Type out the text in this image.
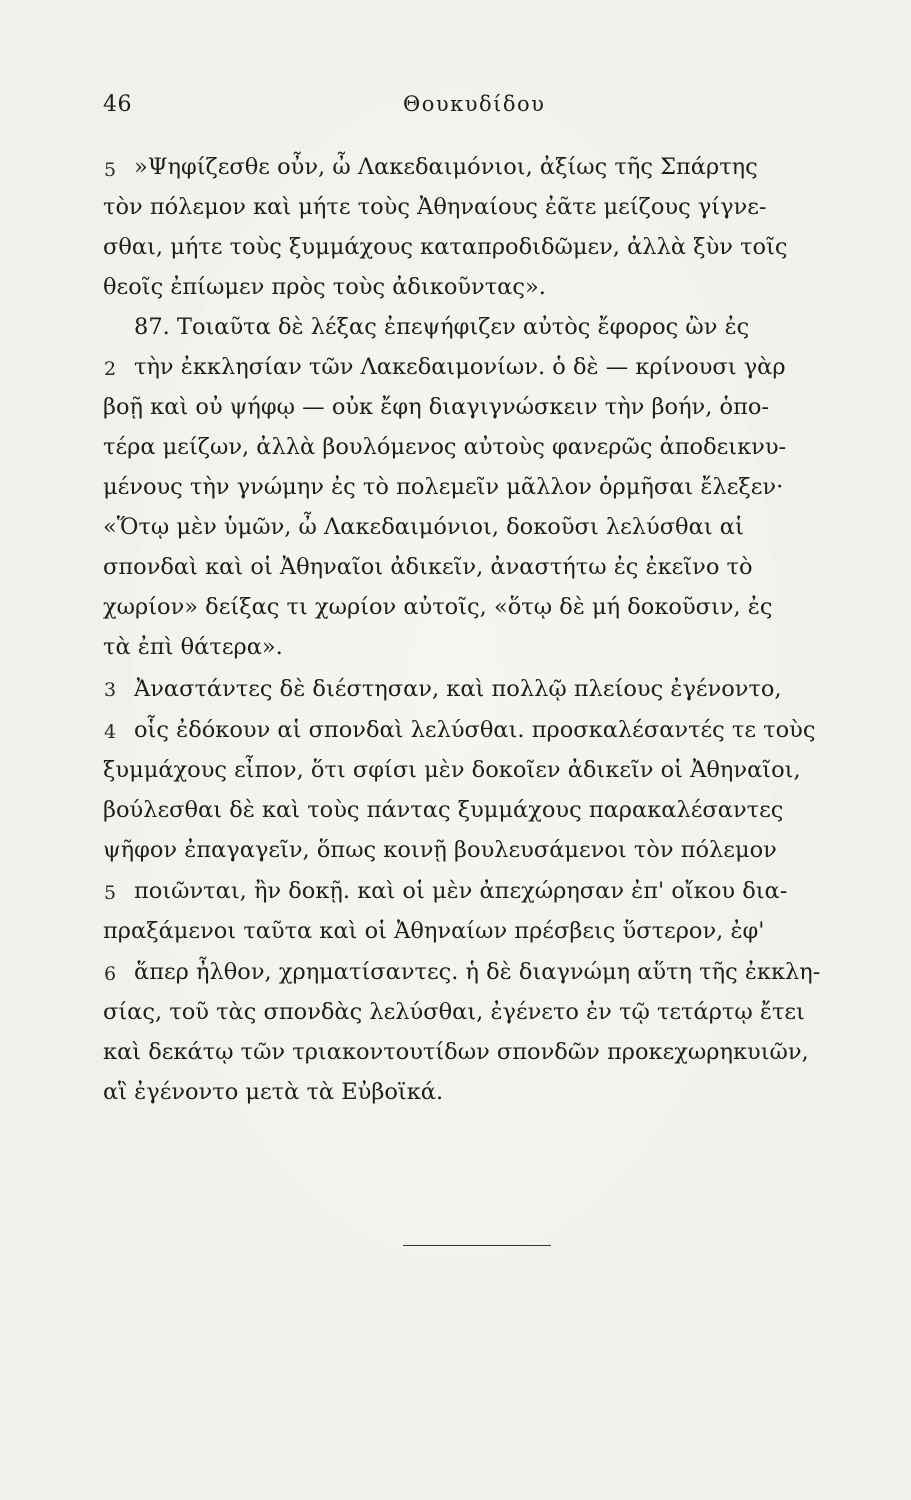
46	Θουκυδίδου
5
2
3
4
5
6
»Ψηφίζεσθε οὖν, ὦ Λακεδαιμόνιοι, ἀξίως τῆς Σπάρτης
τὸν πόλεμον καὶ μήτε τοὺς Ἀθηναίους ἐᾶτε μείζους γίγνε-
σθαι, μήτε τοὺς ξυμμάχους καταπροδιδῶμεν, ἀλλὰ ξὺν τοῖς
θεοῖς ἐπίωμεν πρὸς τοὺς ἀδικοῦντας».
87. Τοιαῦτα δὲ λέξας ἐπεψήφιζεν αὐτὸς ἔφορος ὢν ἐς
τὴν ἐκκλησίαν τῶν Λακεδαιμονίων. ὁ δὲ — κρίνουσι γὰρ
βοῇ καὶ οὐ ψήφῳ — οὐκ ἔφη διαγιγνώσκειν τὴν βοήν, ὁπο-
τέρα μείζων, ἀλλὰ βουλόμενος αὐτοὺς φανερῶς ἀποδεικνυ-
μένους τὴν γνώμην ἐς τὸ πολεμεῖν μᾶλλον ὁρμῆσαι ἔλεξεν·
«Ὅτῳ μὲν ὑμῶν, ὦ Λακεδαιμόνιοι, δοκοῦσι λελύσθαι αἱ
σπονδαὶ καὶ οἱ Ἀθηναῖοι ἀδικεῖν, ἀναστήτω ἐς ἐκεῖνο τὸ
χωρίον» δείξας τι χωρίον αὐτοῖς, «ὅτῳ δὲ μή δοκοῦσιν, ἐς
τὰ ἐπὶ θάτερα».
Ἀναστάντες δὲ διέστησαν, καὶ πολλῷ πλείους ἐγένοντο,
οἷς ἐδόκουν αἱ σπονδαὶ λελύσθαι. προσκαλέσαντές τε τοὺς
ξυμμάχους εἶπον, ὅτι σφίσι μὲν δοκοῖεν ἀδικεῖν οἱ Ἀθηναῖοι,
βούλεσθαι δὲ καὶ τοὺς πάντας ξυμμάχους παρακαλέσαντες
ψῆφον ἐπαγαγεῖν, ὅπως κοινῇ βουλευσάμενοι τὸν πόλεμον
ποιῶνται, ἢν δοκῇ. καὶ οἱ μὲν ἀπεχώρησαν ἐπ' οἴκου δια-
πραξάμενοι ταῦτα καὶ οἱ Ἀθηναίων πρέσβεις ὕστερον, ἐφ'
ἅπερ ἦλθον, χρηματίσαντες. ἡ δὲ διαγνώμη αὕτη τῆς ἐκκλη-
σίας, τοῦ τὰς σπονδὰς λελύσθαι, ἐγένετο ἐν τῷ τετάρτῳ ἔτει
καὶ δεκάτῳ τῶν τριακοντουτίδων σπονδῶν προκεχωρηκυιῶν,
αἳ ἐγένοντο μετὰ τὰ Εὐβοϊκά.
